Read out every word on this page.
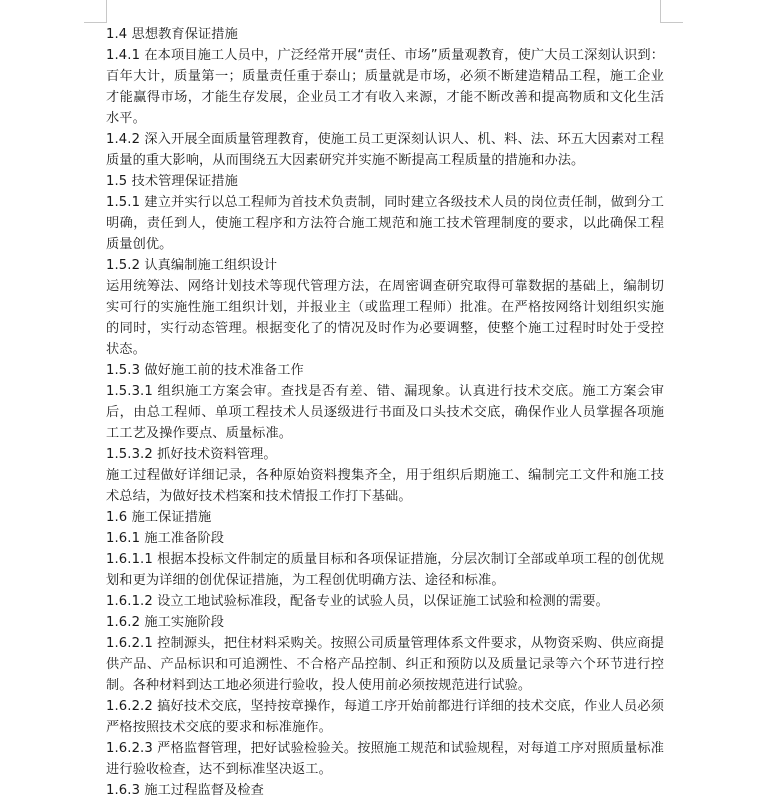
1.4 思想教育保证措施

1.4.1 在本项目施工人员中，广泛经常开展“责任、市场”质量观教育，使广大员工深刻认识到：百年大计，质量第一；质量责任重于泰山；质量就是市场，必须不断建造精品工程，施工企业才能赢得市场，才能生存发展，企业员工才有收入来源，才能不断改善和提高物质和文化生活水平。

1.4.2 深入开展全面质量管理教育，使施工员工更深刻认识人、机、料、法、环五大因素对工程质量的重大影响，从而围绕五大因素研究并实施不断提高工程质量的措施和办法。

1.5 技术管理保证措施

1.5.1 建立并实行以总工程师为首技术负责制，同时建立各级技术人员的岗位责任制，做到分工明确，责任到人，使施工程序和方法符合施工规范和施工技术管理制度的要求，以此确保工程质量创优。

1.5.2 认真编制施工组织设计

运用统筹法、网络计划技术等现代管理方法，在周密调查研究取得可靠数据的基础上，编制切实可行的实施性施工组织计划，并报业主（或监理工程师）批准。在严格按网络计划组织实施的同时，实行动态管理。根据变化了的情况及时作为必要调整，使整个施工过程时时处于受控状态。

1.5.3 做好施工前的技术准备工作

1.5.3.1 组织施工方案会审。查找是否有差、错、漏现象。认真进行技术交底。施工方案会审后，由总工程师、单项工程技术人员逐级进行书面及口头技术交底，确保作业人员掌握各项施工工艺及操作要点、质量标准。

1.5.3.2 抓好技术资料管理。

施工过程做好详细记录，各种原始资料搜集齐全，用于组织后期施工、编制完工文件和施工技术总结，为做好技术档案和技术情报工作打下基础。

1.6 施工保证措施

1.6.1 施工准备阶段

1.6.1.1 根据本投标文件制定的质量目标和各项保证措施，分层次制订全部或单项工程的创优规划和更为详细的创优保证措施，为工程创优明确方法、途径和标准。

1.6.1.2 设立工地试验标准段，配备专业的试验人员，以保证施工试验和检测的需要。

1.6.2 施工实施阶段

1.6.2.1 控制源头，把住材料采购关。按照公司质量管理体系文件要求，从物资采购、供应商提供产品、产品标识和可追溯性、不合格产品控制、纠正和预防以及质量记录等六个环节进行控制。各种材料到达工地必须进行验收，投人使用前必须按规范进行试验。

1.6.2.2 搞好技术交底，坚持按章操作，每道工序开始前都进行详细的技术交底，作业人员必须严格按照技术交底的要求和标准施作。

1.6.2.3 严格监督管理，把好试验检验关。按照施工规范和试验规程，对每道工序对照质量标准进行验收检查，达不到标准坚决返工。

1.6.3 施工过程监督及检查
